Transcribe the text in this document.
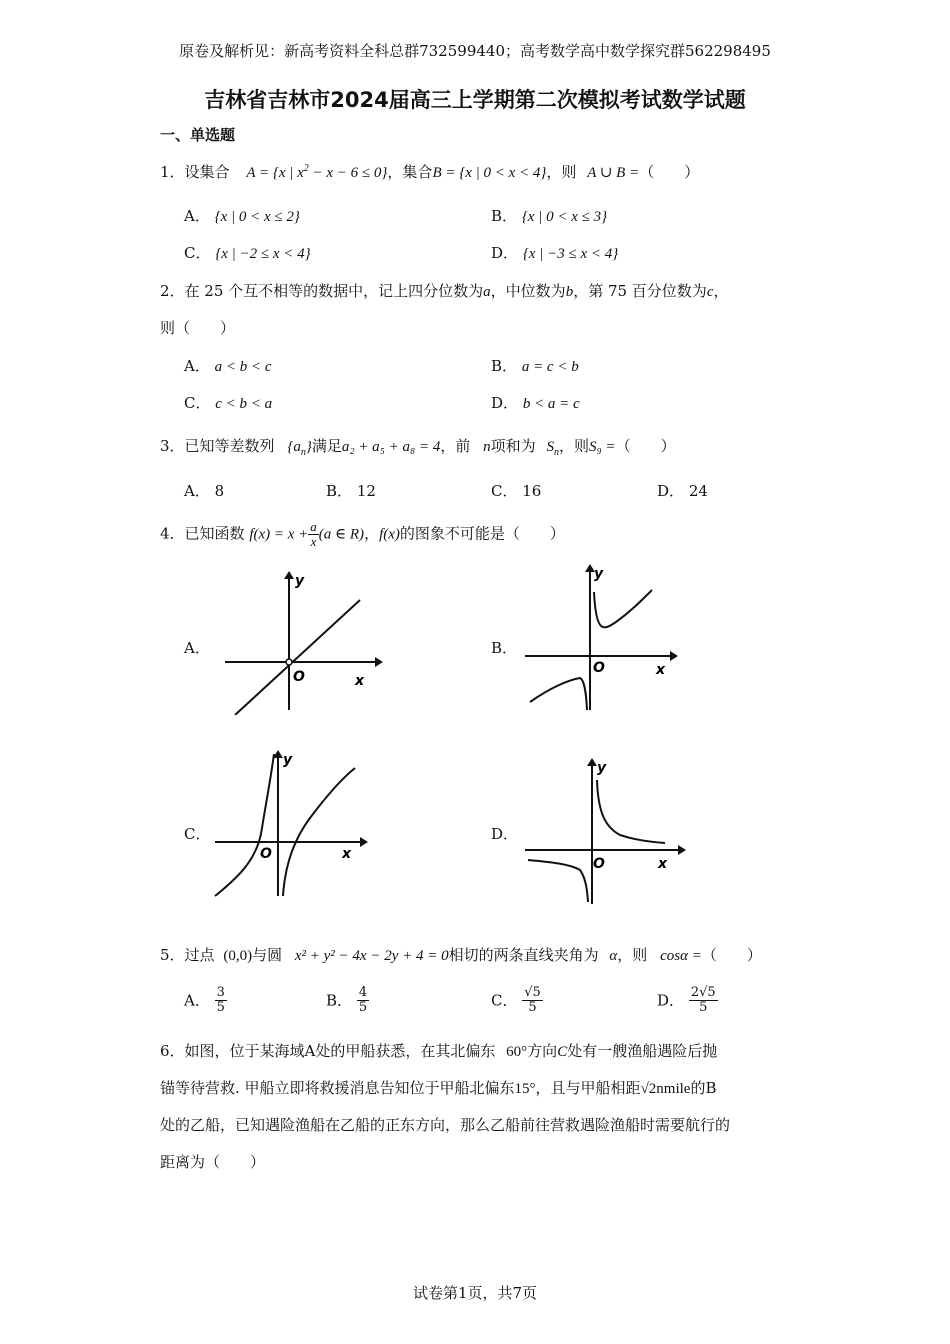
原卷及解析见：新高考资料全科总群732599440；高考数学高中数学探究群562298495
吉林省吉林市2024届高三上学期第二次模拟考试数学试题
一、单选题
1．设集合 A = {x | $x^2 - x - 6 \le 0$}，集合B = {x | 0 < x < 4}，则 A ∪ B =（　　）
A． {x | 0 < x ≤ 2}	B． {x | 0 < x ≤ 3}
C． {x | −2 ≤ x < 4}	D． {x | −3 ≤ x < 4}
2．在 25 个互不相等的数据中，记上四分位数为a，中位数为b，第 75 百分位数为c，
则（　　）
A． a < b < c	B． a = c < b
C． c < b < a	D． b < a = c
3．已知等差数列 $\{a_n\}$满足a₂ + a₅ + a₈ = 4，前 n项和为 $S_n$，则S₉ =（　　）
A． 8	B． 12	C． 16	D． 24
4．已知函数 $f(x) = x + \frac{a}{x} (a$ ∈ R)，f(x)的图象不可能是（　　）
A．	B．
C．	D．
y
x
O
y
x
O
y
x
O
y
x
O
5．过点 (0,0)与圆 x² + y² − 4x − 2y + 4 = 0相切的两条直线夹角为 α，则 cosα =（　　）
A． $\frac{3}{5}$	B． $\frac{4}{5}$	C． $\frac{√5}{5}$	D． $\frac{2√5}{5}$
6．如图，位于某海域A处的甲船获悉，在其北偏东 60°方向C处有一艘渔船遇险后抛
锚等待营救. 甲船立即将救援消息告知位于甲船北偏东15°，且与甲船相距√2nmile的B
处的乙船，已知遇险渔船在乙船的正东方向，那么乙船前往营救遇险渔船时需要航行的
距离为（　　）
试卷第1页，共7页
